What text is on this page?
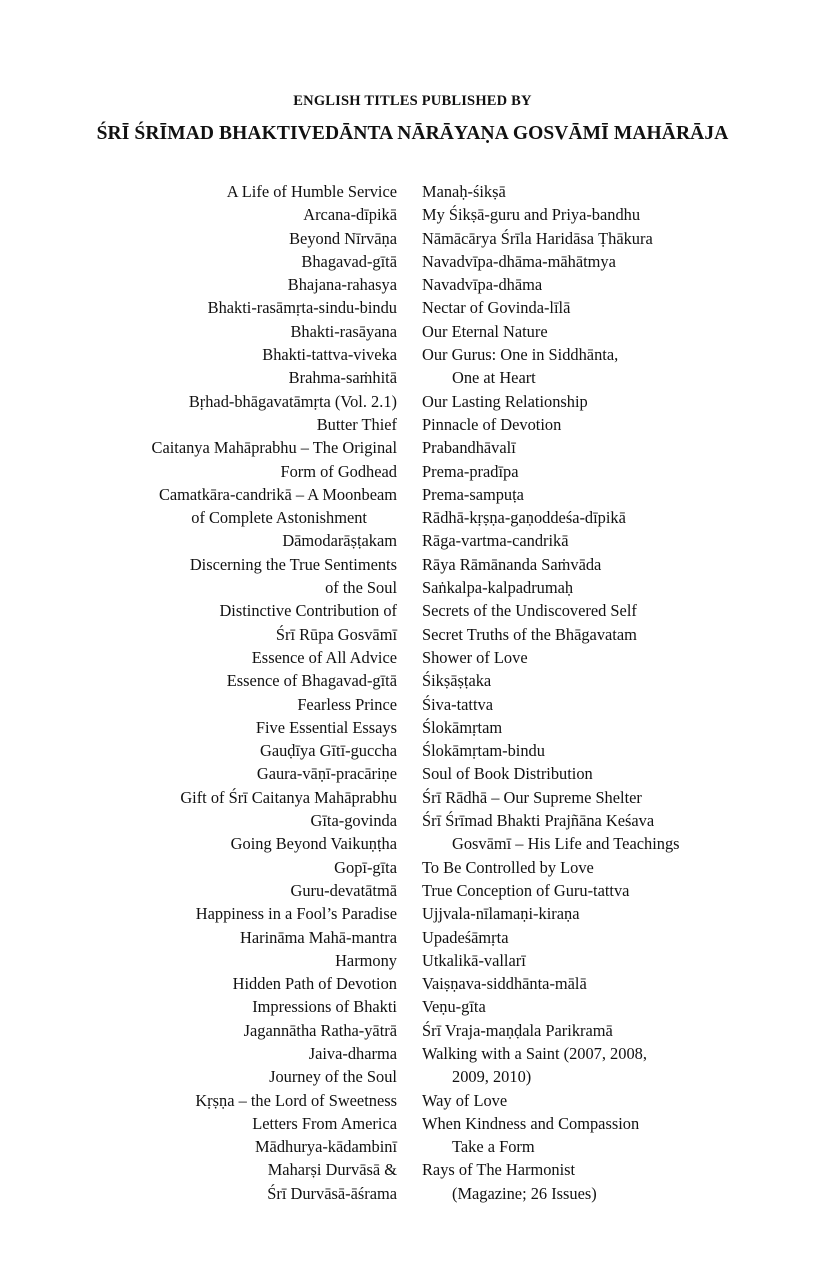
ENGLISH TITLES PUBLISHED BY
ŚRĪ ŚRĪMAD BHAKTIVEDĀNTA NĀRĀYAṆA GOSVĀMĪ MAHĀRĀJA
A Life of Humble Service
Arcana-dīpikā
Beyond Nīrvāṇa
Bhagavad-gītā
Bhajana-rahasya
Bhakti-rasāmṛta-sindu-bindu
Bhakti-rasāyana
Bhakti-tattva-viveka
Brahma-saṁhitā
Bṛhad-bhāgavatāmṛta (Vol. 2.1)
Butter Thief
Caitanya Mahāprabhu – The Original
Form of Godhead
Camatkāra-candrikā – A Moonbeam
of Complete Astonishment
Dāmodarāṣṭakam
Discerning the True Sentiments
of the Soul
Distinctive Contribution of
Śrī Rūpa Gosvāmī
Essence of All Advice
Essence of Bhagavad-gītā
Fearless Prince
Five Essential Essays
Gauḍīya Gītī-guccha
Gaura-vāṇī-pracāriṇe
Gift of Śrī Caitanya Mahāprabhu
Gīta-govinda
Going Beyond Vaikuṇṭha
Gopī-gīta
Guru-devatātmā
Happiness in a Fool’s Paradise
Harināma Mahā-mantra
Harmony
Hidden Path of Devotion
Impressions of Bhakti
Jagannātha Ratha-yātrā
Jaiva-dharma
Journey of the Soul
Kṛṣṇa – the Lord of Sweetness
Letters From America
Mādhurya-kādambinī
Maharṣi Durvāsā &
Śrī Durvāsā-āśrama
Manaḥ-śikṣā
My Śikṣā-guru and Priya-bandhu
Nāmācārya Śrīla Haridāsa Ṭhākura
Navadvīpa-dhāma-māhātmya
Navadvīpa-dhāma
Nectar of Govinda-līlā
Our Eternal Nature
Our Gurus: One in Siddhānta,
One at Heart
Our Lasting Relationship
Pinnacle of Devotion
Prabandhāvalī
Prema-pradīpa
Prema-sampuṭa
Rādhā-kṛṣṇa-gaṇoddeśa-dīpikā
Rāga-vartma-candrikā
Rāya Rāmānanda Saṁvāda
Saṅkalpa-kalpadrumaḥ
Secrets of the Undiscovered Self
Secret Truths of the Bhāgavatam
Shower of Love
Śikṣāṣṭaka
Śiva-tattva
Ślokāmṛtam
Ślokāmṛtam-bindu
Soul of Book Distribution
Śrī Rādhā – Our Supreme Shelter
Śrī Śrīmad Bhakti Prajñāna Keśava
Gosvāmī – His Life and Teachings
To Be Controlled by Love
True Conception of Guru-tattva
Ujjvala-nīlamaṇi-kiraṇa
Upadeśāmṛta
Utkalikā-vallarī
Vaiṣṇava-siddhānta-mālā
Veṇu-gīta
Śrī Vraja-maṇḍala Parikramā
Walking with a Saint (2007, 2008,
2009, 2010)
Way of Love
When Kindness and Compassion
Take a Form
Rays of The Harmonist
(Magazine; 26 Issues)
